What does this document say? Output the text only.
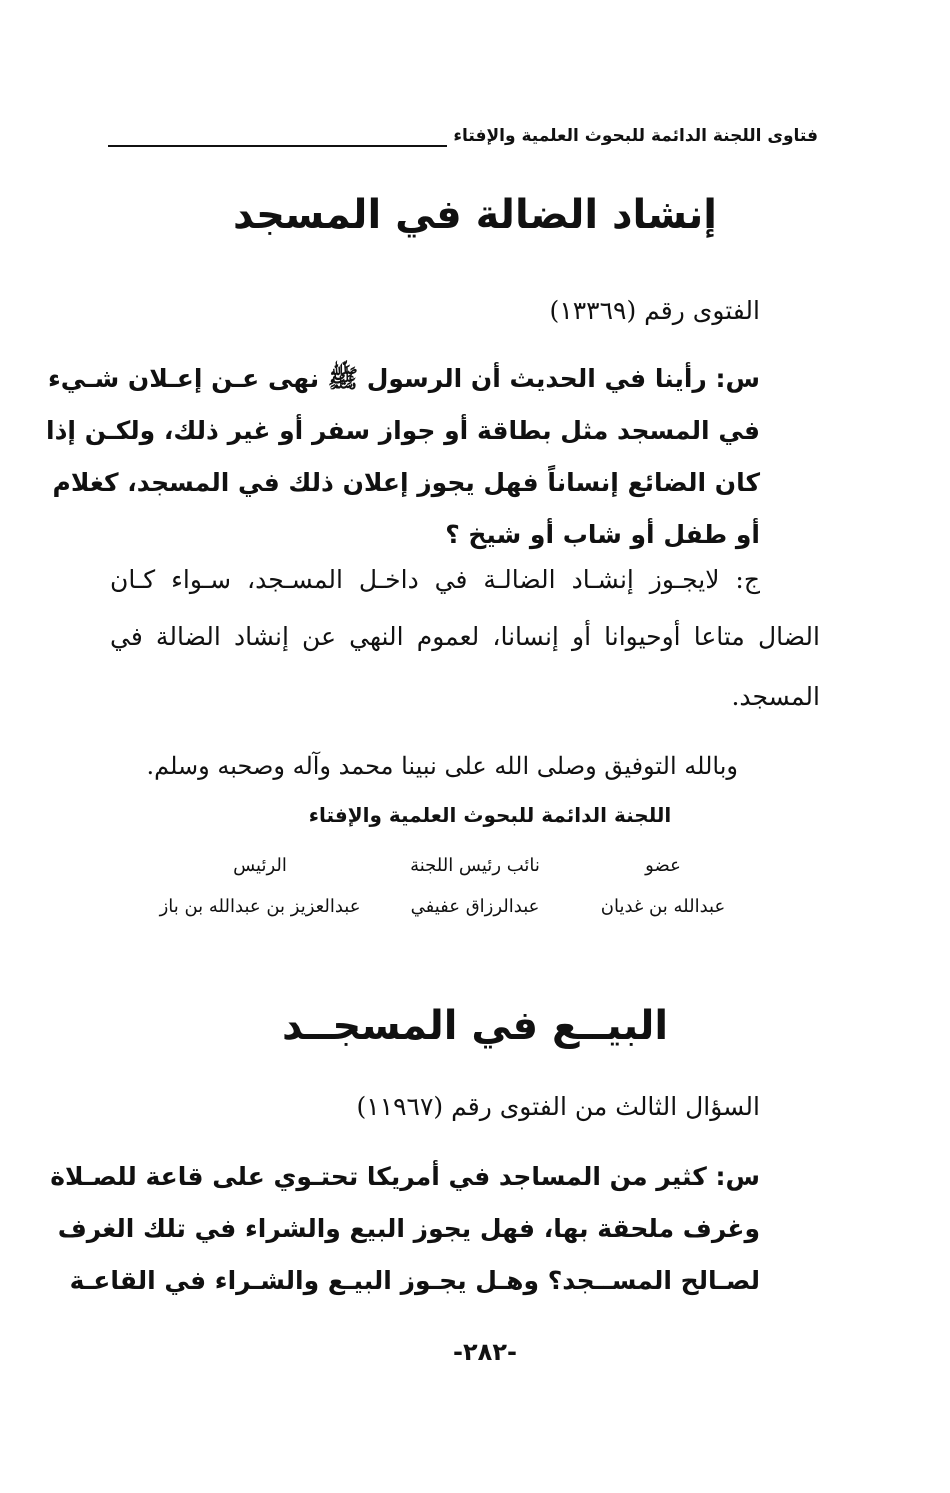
فتاوى اللجنة الدائمة للبحوث العلمية والإفتاء
إنشاد الضالة في المسجد
الفتوى رقم (١٣٣٦٩)
س: رأينا في الحديث أن الرسول ﷺ نهى عـن إعـلان شـيء
في المسجد مثل بطاقة أو جواز سفر أو غير ذلك، ولكـن إذا
كان الضائع إنساناً فهل يجوز إعلان ذلك في المسجد، كغلام
أو طفل أو شاب أو شيخ ؟
ج: لايجـوز إنشـاد الضالـة في داخـل المسـجد، سـواء كـان
الضال متاعا أوحيوانا أو إنسانا، لعموم النهي عن إنشاد الضالة في
المسجد.
وبالله التوفيق وصلى الله على نبينا محمد وآله وصحبه وسلم.
اللجنة الدائمة للبحوث العلمية والإفتاء
عضو
عبدالله بن غديان
نائب رئيس اللجنة
عبدالرزاق عفيفي
الرئيس
عبدالعزيز بن عبدالله بن باز
البيــع في المسجــد
السؤال الثالث من الفتوى رقم (١١٩٦٧)
س: كثير من المساجد في أمريكا تحتـوي على قاعة للصـلاة
وغرف ملحقة بها، فهل يجوز البيع والشراء في تلك الغرف
لصـالح المســجد؟ وهـل يجـوز البيـع والشـراء في القاعـة
-٢٨٢-
